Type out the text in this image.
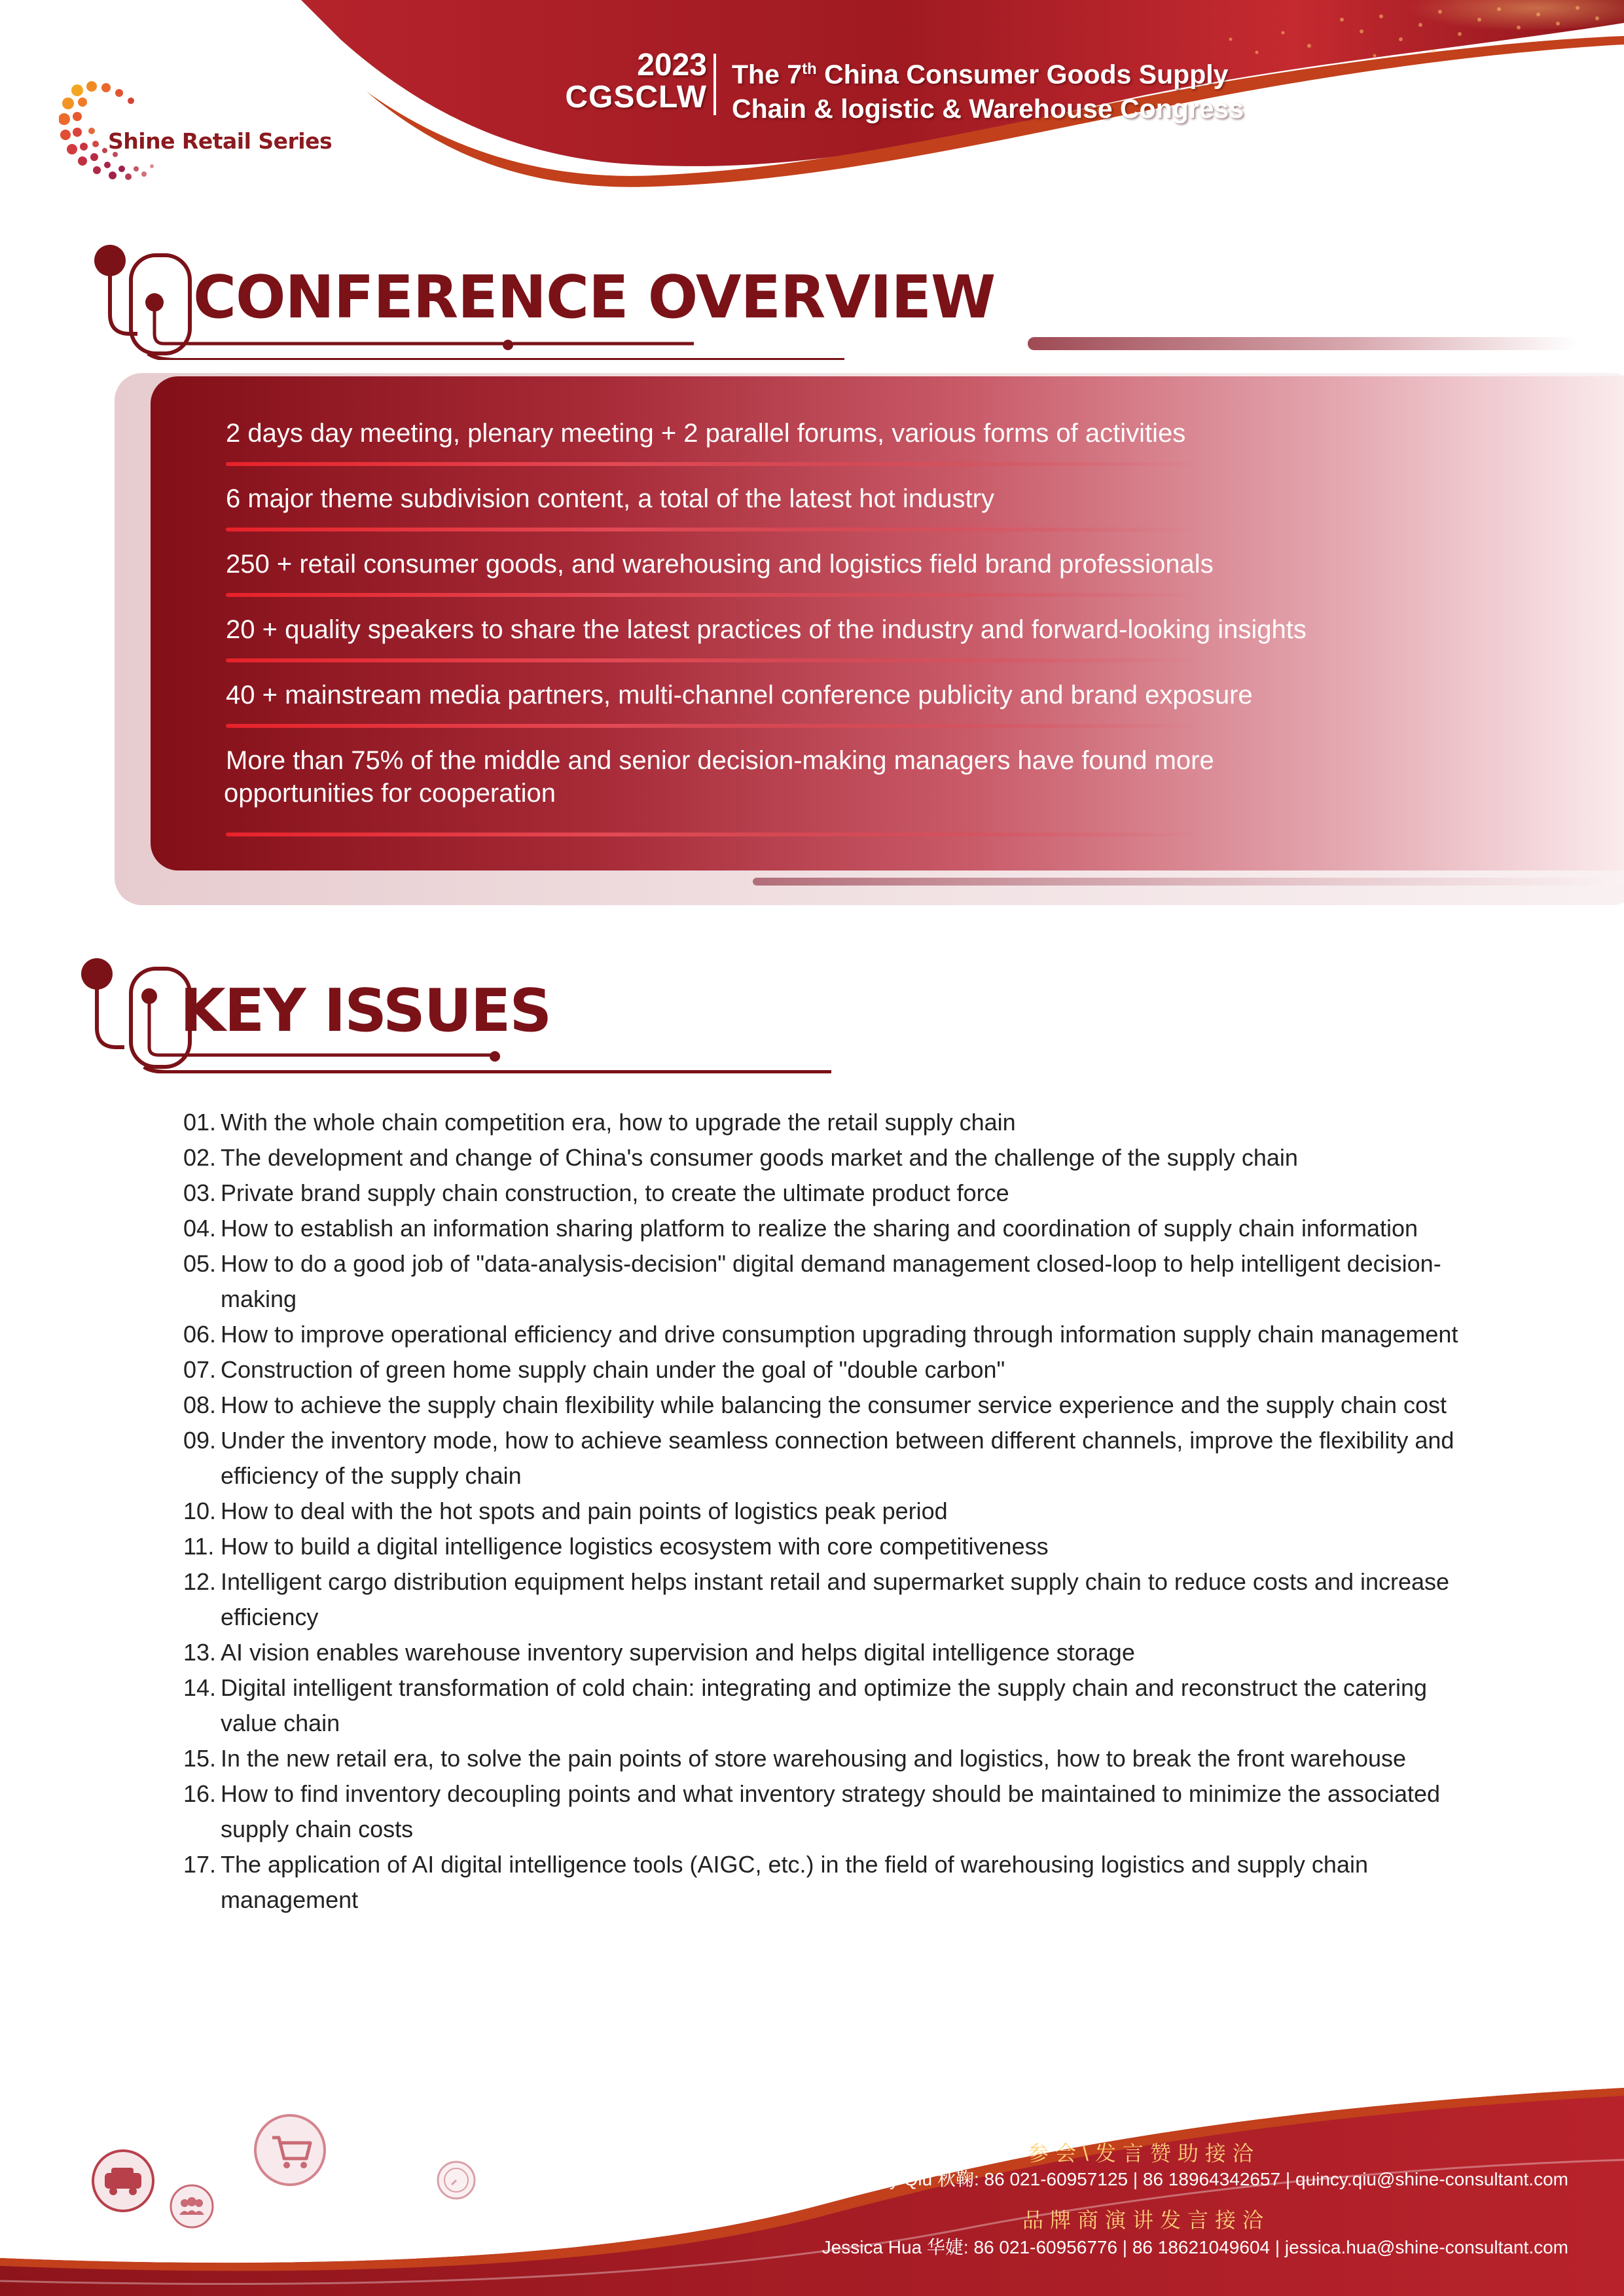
Shine Retail Series
2023
CGSCLW
The 7th China Consumer Goods Supply
Chain & logistic & Warehouse Congress
CONFERENCE OVERVIEW
2 days day meeting, plenary meeting + 2 parallel forums, various forms of activities
6 major theme subdivision content, a total of the latest hot industry
250 + retail consumer goods, and warehousing and logistics field brand professionals
20 + quality speakers to share the latest practices of the industry and forward-looking insights
40 + mainstream media partners, multi-channel conference publicity and brand exposure
More than 75% of the middle and senior decision-making managers have found more
opportunities for cooperation
KEY ISSUES
01. With the whole chain competition era, how to upgrade the retail supply chain
02. The development and change of China's consumer goods market and the challenge of the supply chain
03. Private brand supply chain construction, to create the ultimate product force
04. How to establish an information sharing platform to realize the sharing and coordination of supply chain information
05. How to do a good job of "data-analysis-decision" digital demand management closed-loop to help intelligent decision-making
06. How to improve operational efficiency and drive consumption upgrading through information supply chain management
07. Construction of green home supply chain under the goal of "double carbon"
08. How to achieve the supply chain flexibility while balancing the consumer service experience and the supply chain cost
09. Under the inventory mode, how to achieve seamless connection between different channels, improve the flexibility and efficiency of the supply chain
10. How to deal with the hot spots and pain points of logistics peak period
11. How to build a digital intelligence logistics ecosystem with core competitiveness
12. Intelligent cargo distribution equipment helps instant retail and supermarket supply chain to reduce costs and increase efficiency
13. AI vision enables warehouse inventory supervision and helps digital intelligence storage
14. Digital intelligent transformation of cold chain: integrating and optimize the supply chain and reconstruct the catering value chain
15. In the new retail era, to solve the pain points of store warehousing and logistics, how to break the front warehouse
16. How to find inventory decoupling points and what inventory strategy should be maintained to minimize the associated supply chain costs
17. The application of AI digital intelligence tools (AIGC, etc.) in the field of warehousing logistics and supply chain management
参会\发言赞助接洽
Quincy Qiu 秋鞠: 86 021-60957125 | 86 18964342657 | quincy.qiu@shine-consultant.com
品牌商演讲发言接洽
Jessica Hua 华婕: 86 021-60956776 | 86 18621049604 | jessica.hua@shine-consultant.com
